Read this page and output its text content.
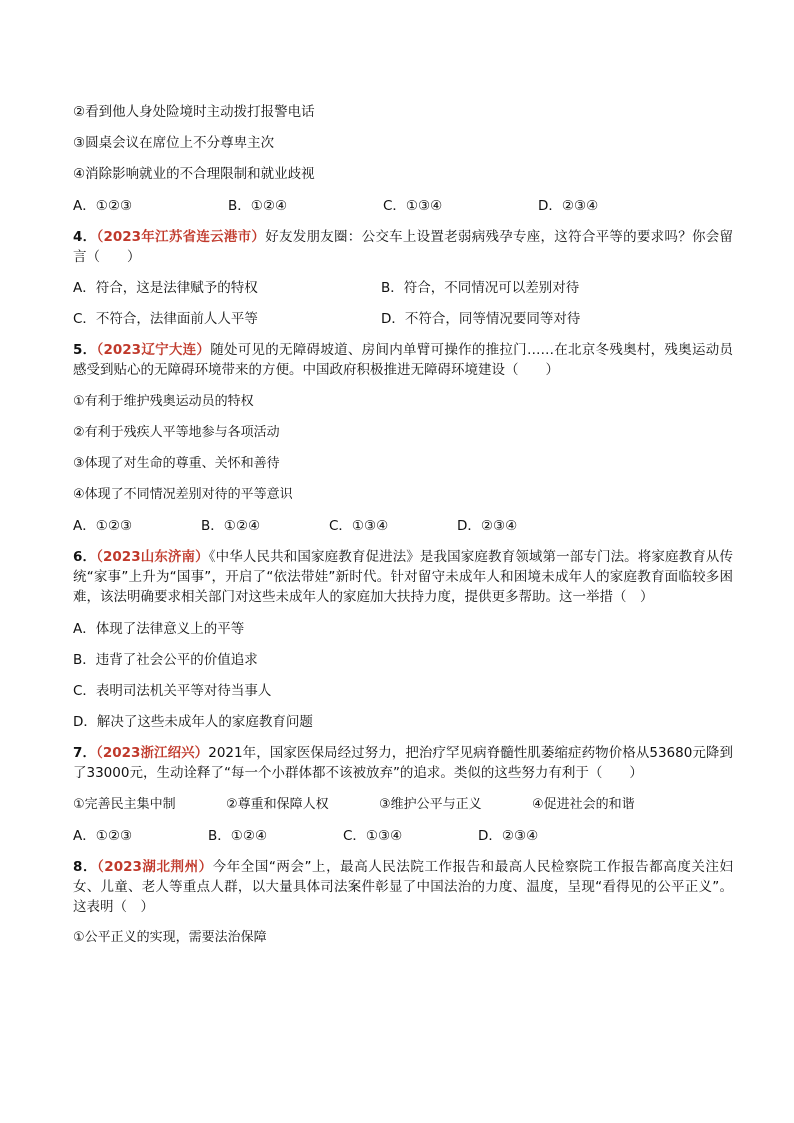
②看到他人身处险境时主动拨打报警电话
③圆桌会议在席位上不分尊卑主次
④消除影响就业的不合理限制和就业歧视
A．①②③	B．①②④	C．①③④	D．②③④
4．（2023年江苏省连云港市）好友发朋友圈：公交车上设置老弱病残孕专座，这符合平等的要求吗？你会留言（　　）
A．符合，这是法律赋予的特权	B．符合，不同情况可以差别对待
C．不符合，法律面前人人平等	D．不符合，同等情况要同等对待
5．（2023辽宁大连）随处可见的无障碍坡道、房间内单臂可操作的推拉门……在北京冬残奥村，残奥运动员感受到贴心的无障碍环境带来的方便。中国政府积极推进无障碍环境建设（　　）
①有利于维护残奥运动员的特权
②有利于残疾人平等地参与各项活动
③体现了对生命的尊重、关怀和善待
④体现了不同情况差别对待的平等意识
A．①②③	B．①②④	C．①③④	D．②③④
6．（2023山东济南）《中华人民共和国家庭教育促进法》是我国家庭教育领域第一部专门法。将家庭教育从传统“家事”上升为“国事”，开启了“依法带娃”新时代。针对留守未成年人和困境未成年人的家庭教育面临较多困难，该法明确要求相关部门对这些未成年人的家庭加大扶持力度，提供更多帮助。这一举措（　）
A．体现了法律意义上的平等
B．违背了社会公平的价值追求
C．表明司法机关平等对待当事人
D．解决了这些未成年人的家庭教育问题
7．（2023浙江绍兴）2021年，国家医保局经过努力，把治疗罕见病脊髓性肌萎缩症药物价格从53680元降到了33000元，生动诠释了“每一个小群体都不该被放弃”的追求。类似的这些努力有利于（　　）
①完善民主集中制	②尊重和保障人权	③维护公平与正义	④促进社会的和谐
A．①②③	B．①②④	C．①③④	D．②③④
8．（2023湖北荆州）今年全国“两会”上，最高人民法院工作报告和最高人民检察院工作报告都高度关注妇女、儿童、老人等重点人群，以大量具体司法案件彰显了中国法治的力度、温度，呈现“看得见的公平正义”。这表明（　）
①公平正义的实现，需要法治保障
